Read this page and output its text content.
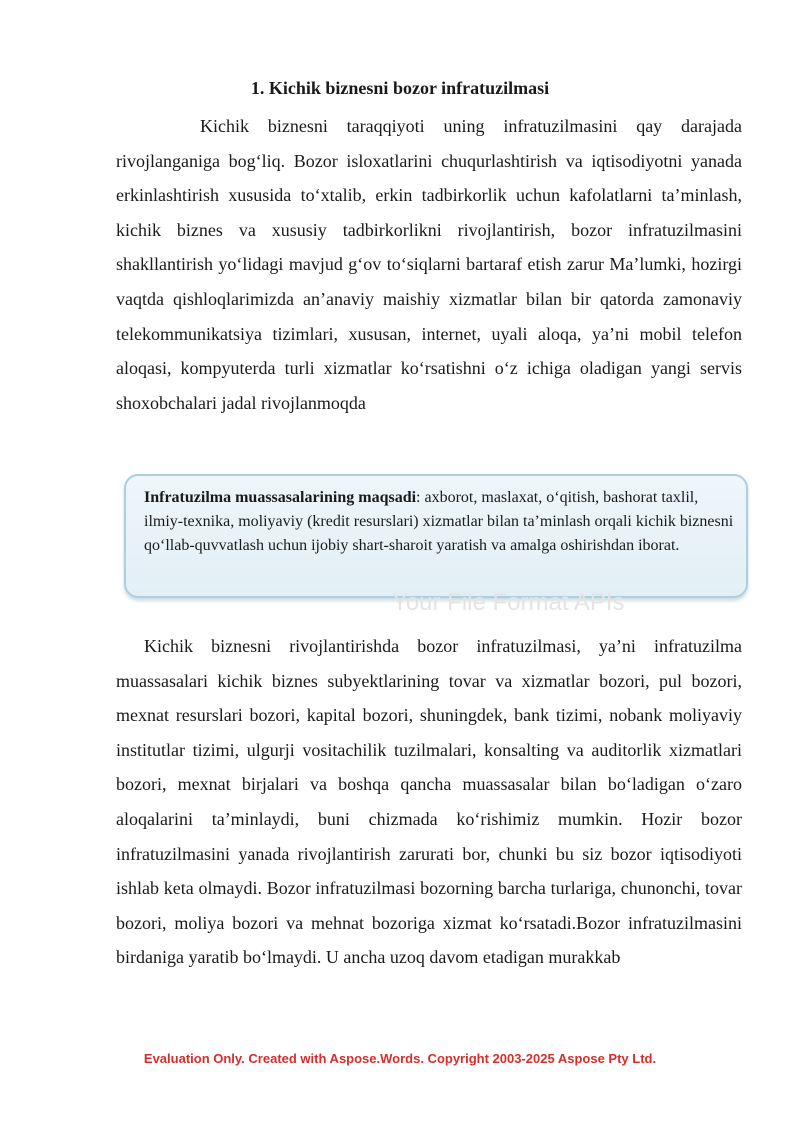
1. Kichik biznesni bozor infratuzilmasi

Kichik biznesni taraqqiyoti uning infratuzilmasini qay darajada rivojlanganiga bog‘liq. Bozor isloxatlarini chuqurlashtirish va iqtisodiyotni yanada erkinlashtirish xususida to‘xtalib, erkin tadbirkorlik uchun kafolatlarni ta’minlash, kichik biznes va xususiy tadbirkorlikni rivojlantirish, bozor infratuzilmasini shakllantirish yo‘lidagi mavjud g‘ov to‘siqlarni bartaraf etish zarur Ma’lumki, hozirgi vaqtda qishloqlarimizda an’anaviy maishiy xizmatlar bilan bir qatorda zamonaviy telekommunikatsiya tizimlari, xususan, internet, uyali aloqa, ya’ni mobil telefon aloqasi, kompyuterda turli xizmatlar ko‘rsatishni o‘z ichiga oladigan yangi servis shoxobchalari jadal rivojlanmoqda

Infratuzilma muassasalarining maqsadi: axborot, maslaxat, o‘qitish, bashorat taxlil, ilmiy-texnika, moliyaviy (kredit resurslari) xizmatlar bilan ta’minlash orqali kichik biznesni qo‘llab-quvvatlash uchun ijobiy shart-sharoit yaratish va amalga oshirishdan iborat.
Your File Format APIs

Kichik biznesni rivojlantirishda bozor infratuzilmasi, ya’ni infratuzilma muassasalari kichik biznes subyektlarining tovar va xizmatlar bozori, pul bozori, mexnat resurslari bozori, kapital bozori, shuningdek, bank tizimi, nobank moliyaviy institutlar tizimi, ulgurji vositachilik tuzilmalari, konsalting va auditorlik xizmatlari bozori, mexnat birjalari va boshqa qancha muassasalar bilan bo‘ladigan o‘zaro aloqalarini ta’minlaydi, buni chizmada ko‘rishimiz mumkin. Hozir bozor infratuzilmasini yanada rivojlantirish zarurati bor, chunki bu siz bozor iqtisodiyoti ishlab keta olmaydi. Bozor infratuzilmasi bozorning barcha turlariga, chunonchi, tovar bozori, moliya bozori va mehnat bozoriga xizmat ko‘rsatadi.Bozor infratuzilmasini birdaniga yaratib bo‘lmaydi. U ancha uzoq davom etadigan murakkab

Evaluation Only. Created with Aspose.Words. Copyright 2003-2025 Aspose Pty Ltd.
